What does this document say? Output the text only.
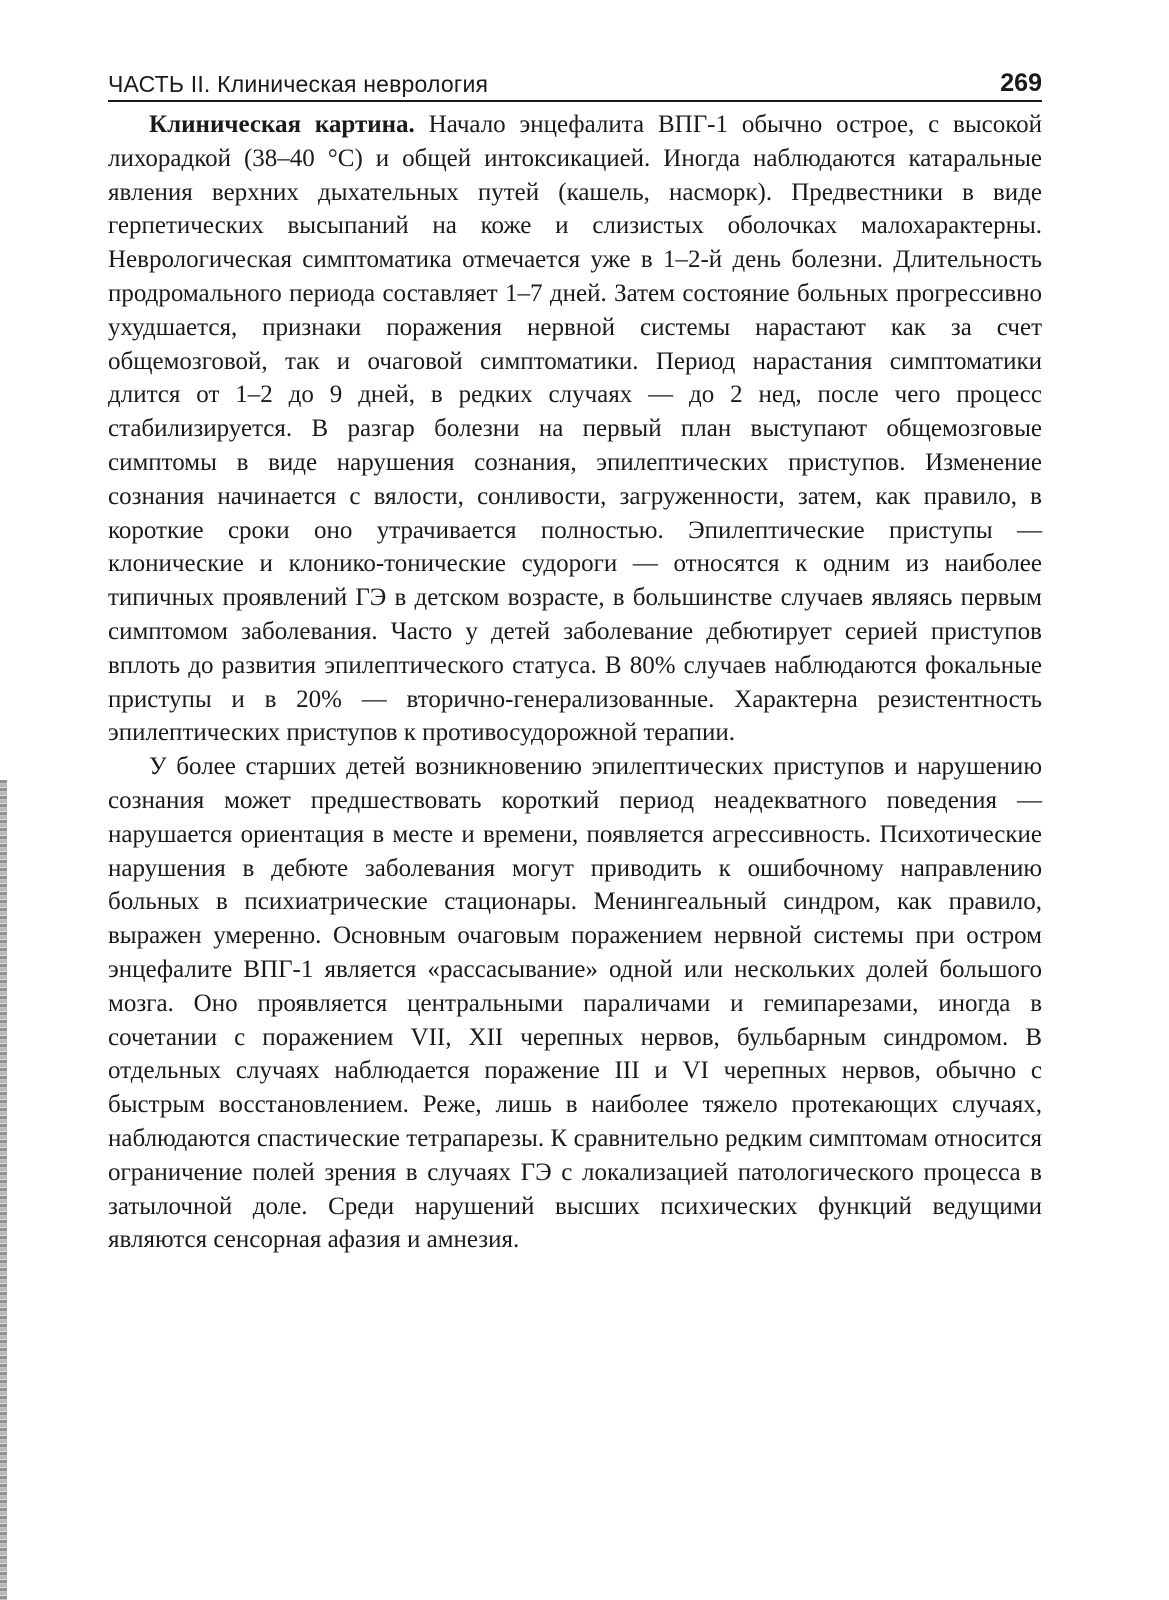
ЧАСТЬ II. Клиническая неврология	269

Клиническая картина. Начало энцефалита ВПГ-1 обычно острое, с высокой лихорадкой (38–40 °С) и общей интоксикацией. Иногда наблюдаются катаральные явления верхних дыхательных путей (кашель, насморк). Предвестники в виде герпетических высыпаний на коже и слизистых оболочках малохарактерны. Неврологическая симптоматика отмечается уже в 1–2-й день болезни. Длительность продромального периода составляет 1–7 дней. Затем состояние больных прогрессивно ухудшается, признаки поражения нервной системы нарастают как за счет общемозговой, так и очаговой симптоматики. Период нарастания симптоматики длится от 1–2 до 9 дней, в редких случаях — до 2 нед, после чего процесс стабилизируется. В разгар болезни на первый план выступают общемозговые симптомы в виде нарушения сознания, эпилептических приступов. Изменение сознания начинается с вялости, сонливости, загруженности, затем, как правило, в короткие сроки оно утрачивается полностью. Эпилептические приступы — клонические и клонико-тонические судороги — относятся к одним из наиболее типичных проявлений ГЭ в детском возрасте, в большинстве случаев являясь первым симптомом заболевания. Часто у детей заболевание дебютирует серией приступов вплоть до развития эпилептического статуса. В 80% случаев наблюдаются фокальные приступы и в 20% — вторично-генерализованные. Характерна резистентность эпилептических приступов к противосудорожной терапии.

У более старших детей возникновению эпилептических приступов и нарушению сознания может предшествовать короткий период неадекватного поведения — нарушается ориентация в месте и времени, появляется агрессивность. Психотические нарушения в дебюте заболевания могут приводить к ошибочному направлению больных в психиатрические стационары. Менингеальный синдром, как правило, выражен умеренно. Основным очаговым поражением нервной системы при остром энцефалите ВПГ-1 является «рассасывание» одной или нескольких долей большого мозга. Оно проявляется центральными параличами и гемипарезами, иногда в сочетании с поражением VII, XII черепных нервов, бульбарным синдромом. В отдельных случаях наблюдается поражение III и VI черепных нервов, обычно с быстрым восстановлением. Реже, лишь в наиболее тяжело протекающих случаях, наблюдаются спастические тетрапарезы. К сравнительно редким симптомам относится ограничение полей зрения в случаях ГЭ с локализацией патологического процесса в затылочной доле. Среди нарушений высших психических функций ведущими являются сенсорная афазия и амнезия.
